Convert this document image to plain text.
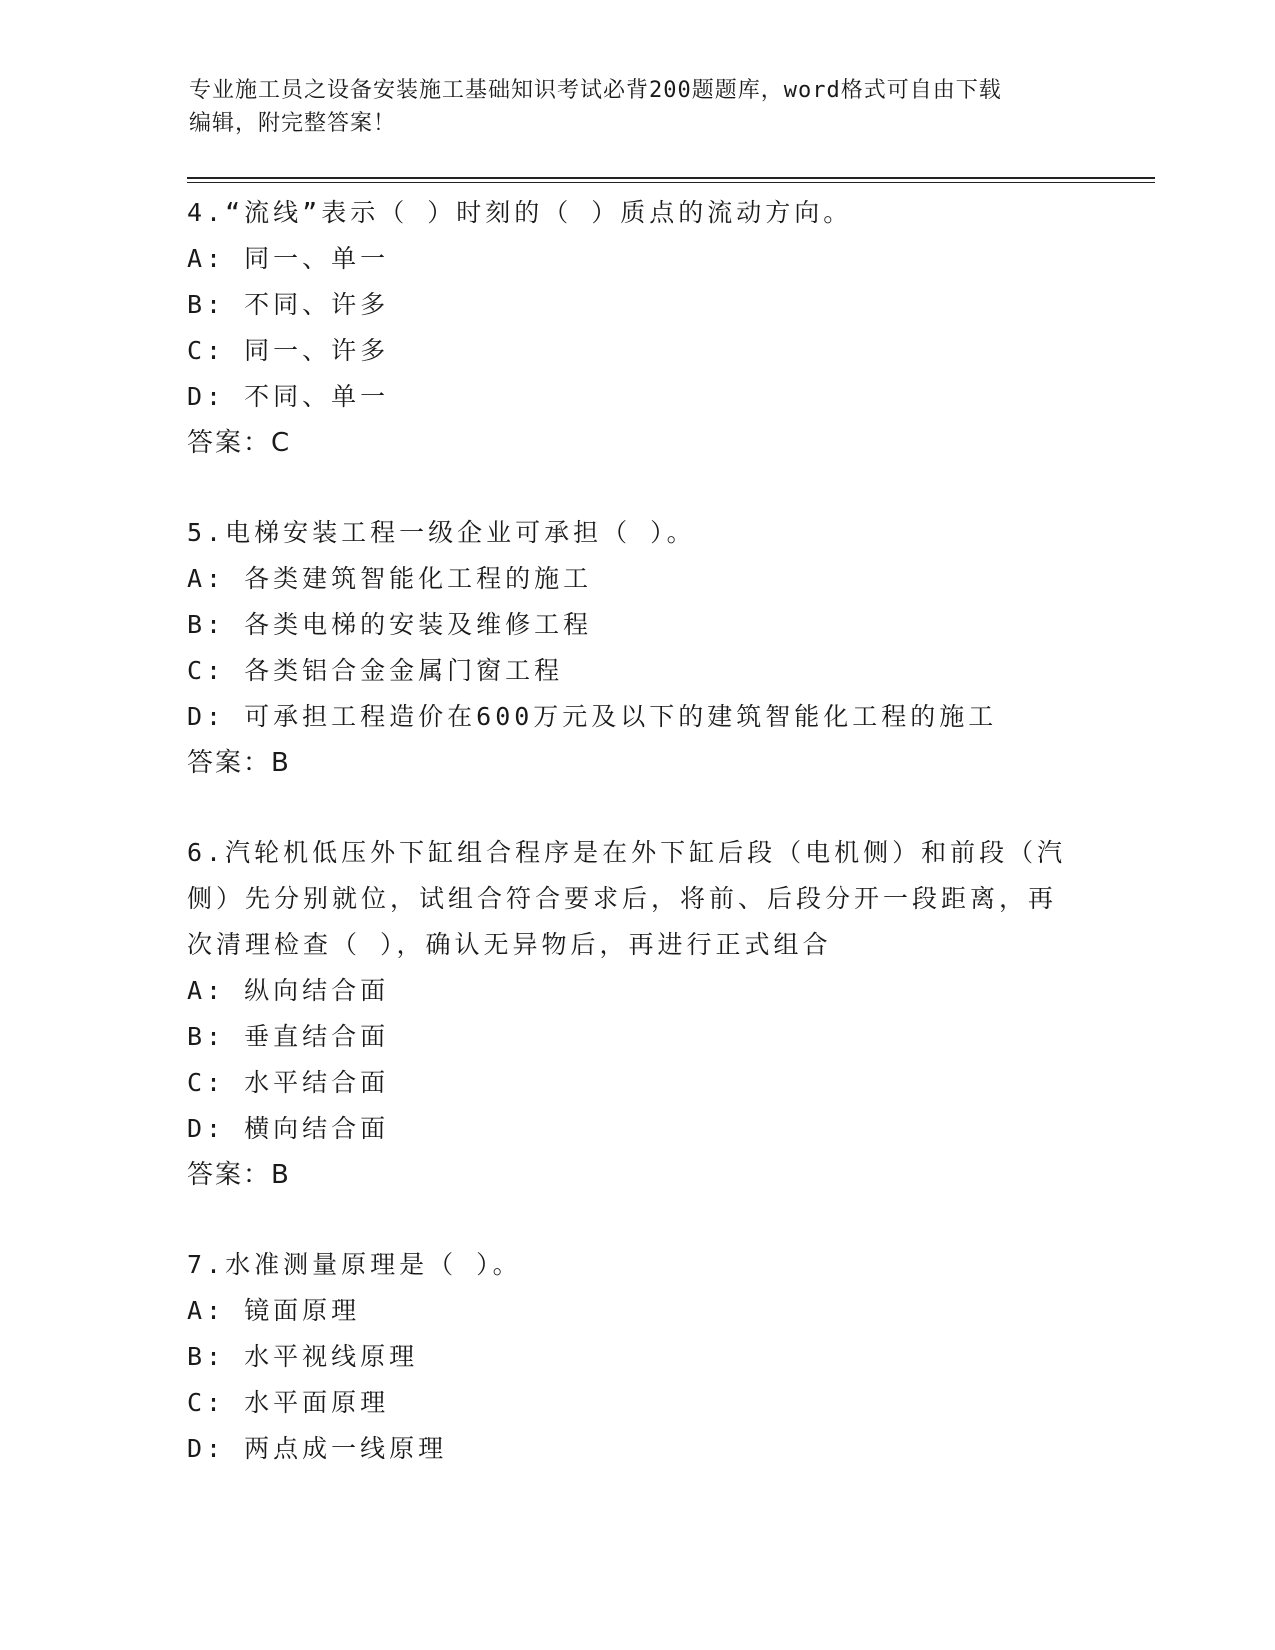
专业施工员之设备安装施工基础知识考试必背200题题库，word格式可自由下载
编辑，附完整答案！
4.“流线”表示（ ）时刻的（ ）质点的流动方向。
A: 同一、单一
B: 不同、许多
C: 同一、许多
D: 不同、单一
答案：C
5.电梯安装工程一级企业可承担（ ）。
A: 各类建筑智能化工程的施工
B: 各类电梯的安装及维修工程
C: 各类铝合金金属门窗工程
D: 可承担工程造价在600万元及以下的建筑智能化工程的施工
答案：B
6.汽轮机低压外下缸组合程序是在外下缸后段（电机侧）和前段（汽
侧）先分别就位，试组合符合要求后，将前、后段分开一段距离，再
次清理检查（ ），确认无异物后，再进行正式组合
A: 纵向结合面
B: 垂直结合面
C: 水平结合面
D: 横向结合面
答案：B
7.水准测量原理是（ ）。
A: 镜面原理
B: 水平视线原理
C: 水平面原理
D: 两点成一线原理
